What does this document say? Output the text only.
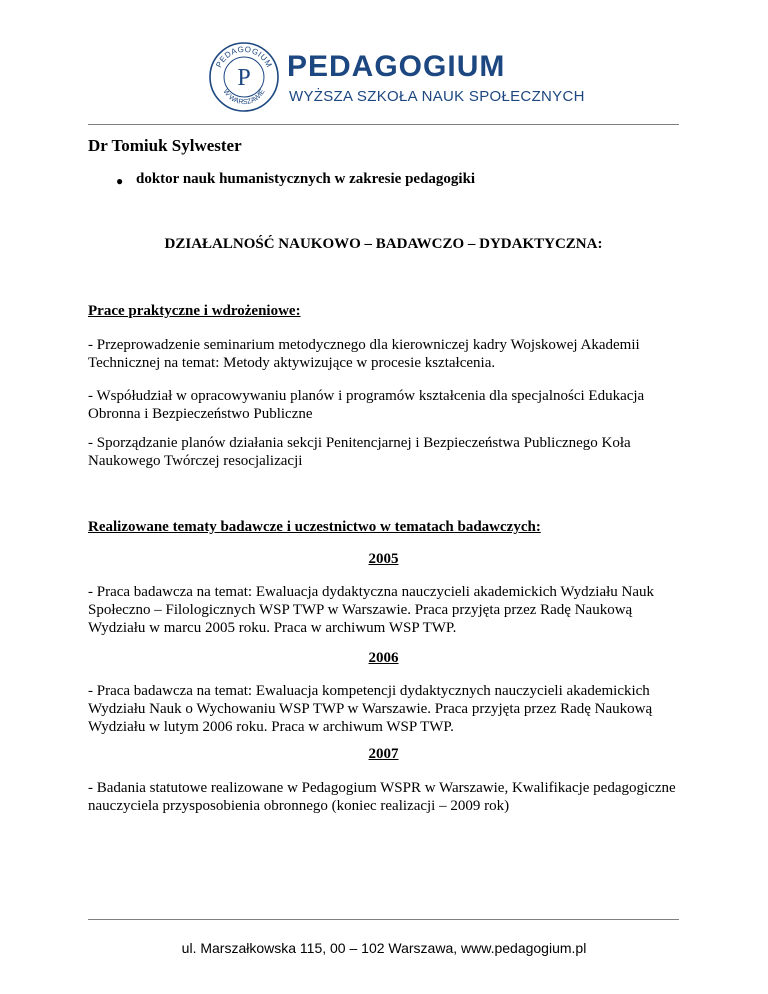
PEDAGOGIUM
W WARSZAWIE
P PEDAGOGIUM
WYŻSZA SZKOŁA NAUK SPOŁECZNYCH
Dr Tomiuk Sylwester
● doktor nauk humanistycznych w zakresie pedagogiki
DZIAŁALNOŚĆ NAUKOWO – BADAWCZO – DYDAKTYCZNA:
Prace praktyczne i wdrożeniowe:
- Przeprowadzenie seminarium metodycznego dla kierowniczej kadry Wojskowej Akademii Technicznej na temat: Metody aktywizujące w procesie kształcenia.
- Współudział w opracowywaniu planów i programów kształcenia dla specjalności Edukacja Obronna i Bezpieczeństwo Publiczne
- Sporządzanie planów działania sekcji Penitencjarnej i Bezpieczeństwa Publicznego Koła Naukowego Twórczej resocjalizacji
Realizowane tematy badawcze i uczestnictwo w tematach badawczych:
2005
- Praca badawcza na temat: Ewaluacja dydaktyczna nauczycieli akademickich Wydziału Nauk Społeczno – Filologicznych WSP TWP w Warszawie. Praca przyjęta przez Radę Naukową Wydziału w marcu 2005 roku. Praca w archiwum WSP TWP.
2006
- Praca badawcza na temat: Ewaluacja kompetencji dydaktycznych nauczycieli akademickich Wydziału Nauk o Wychowaniu WSP TWP w Warszawie. Praca przyjęta przez Radę Naukową Wydziału w lutym 2006 roku. Praca w archiwum WSP TWP.
2007
- Badania statutowe realizowane w Pedagogium WSPR w Warszawie, Kwalifikacje pedagogiczne nauczyciela przysposobienia obronnego (koniec realizacji – 2009 rok)
ul. Marszałkowska 115, 00 – 102 Warszawa, www.pedagogium.pl
